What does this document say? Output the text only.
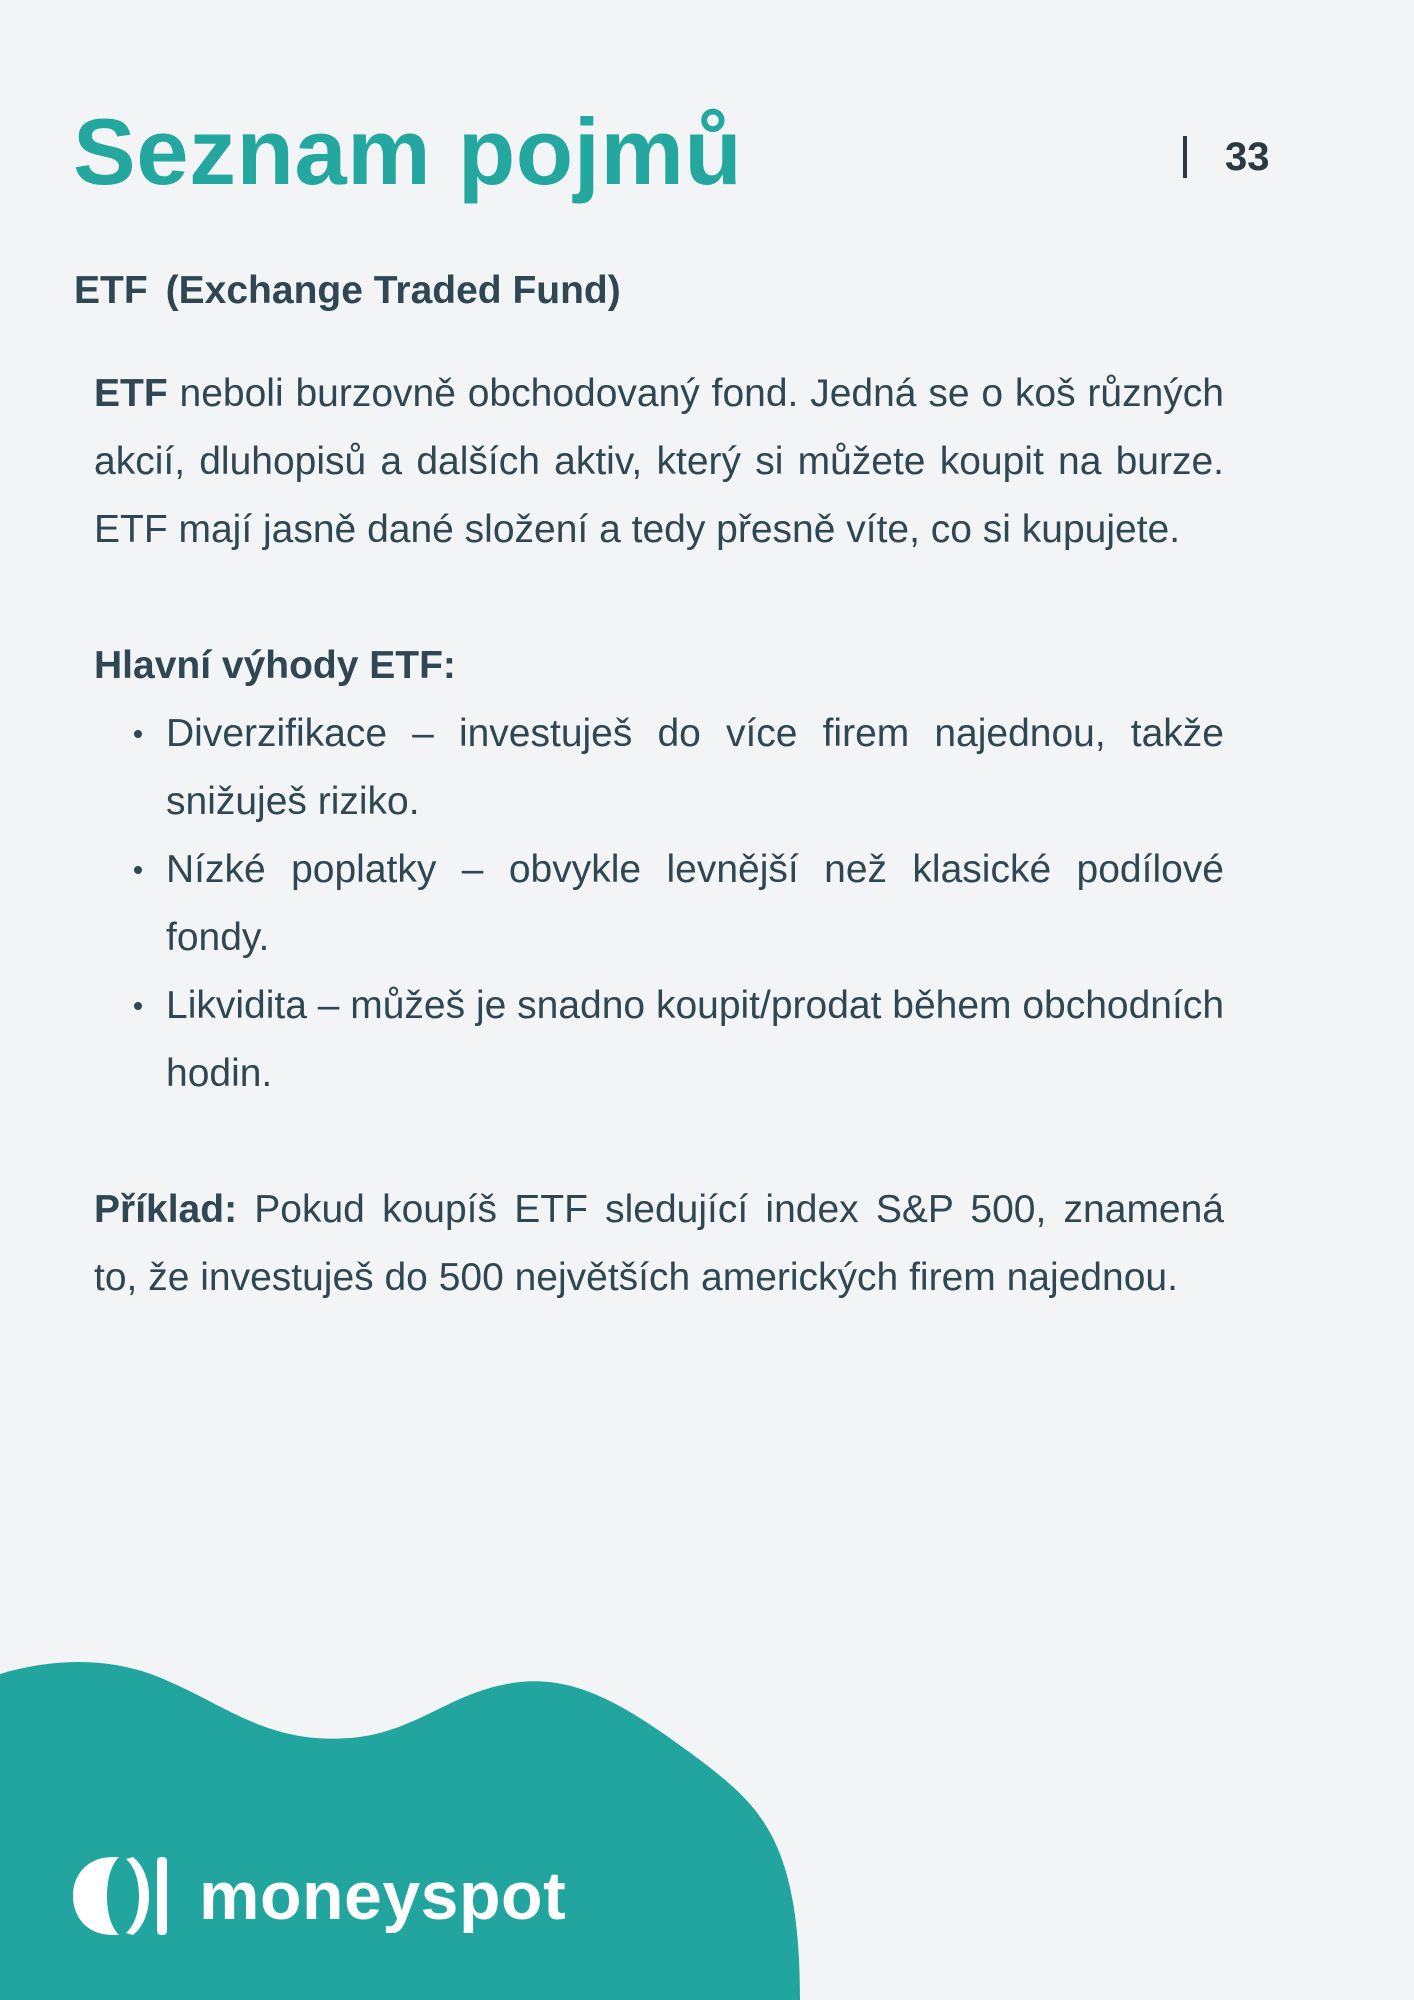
Seznam pojmů	33
ETF (Exchange Traded Fund)

ETF neboli burzovně obchodovaný fond. Jedná se o koš různých akcií, dluhopisů a dalších aktiv, který si můžete koupit na burze. ETF mají jasně dané složení a tedy přesně víte, co si kupujete.

Hlavní výhody ETF:

Diverzifikace – investuješ do více firem najednou, takže snižuješ riziko.
Nízké poplatky – obvykle levnější než klasické podílové fondy.
Likvidita – můžeš je snadno koupit/prodat během obchodních hodin.

Příklad: Pokud koupíš ETF sledující index S&P 500, znamená to, že investuješ do 500 největších amerických firem najednou.

moneyspot
